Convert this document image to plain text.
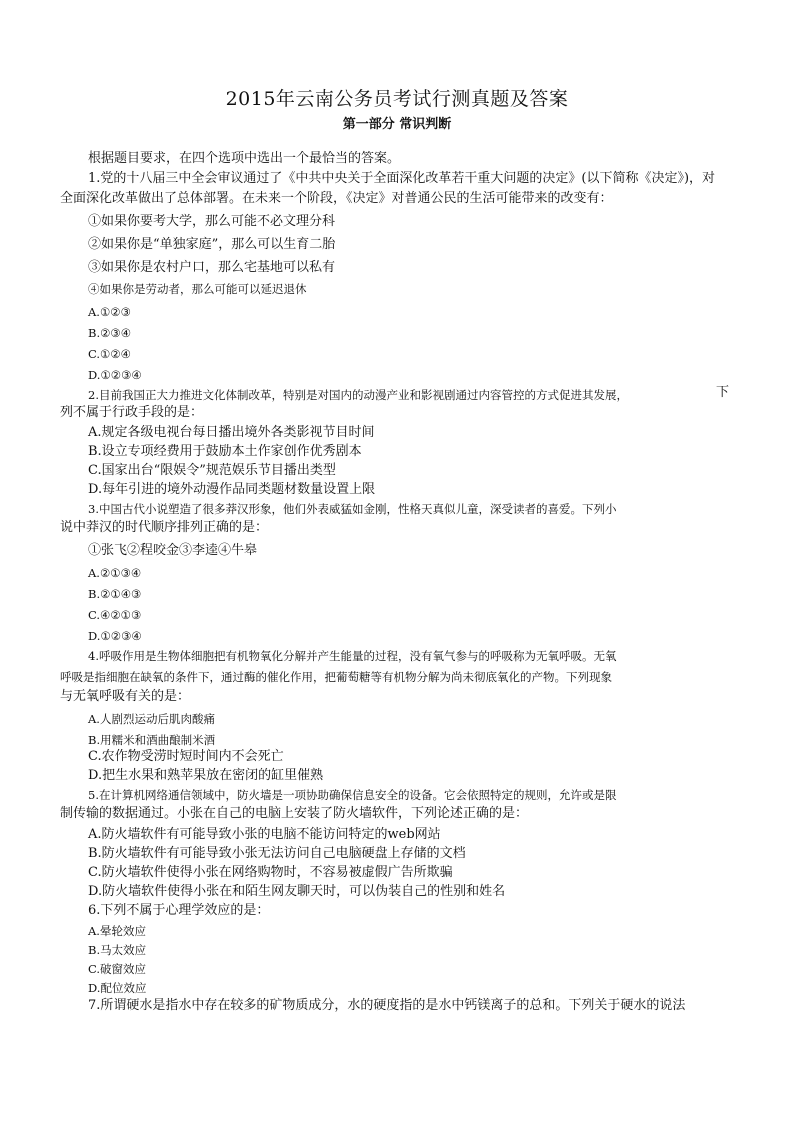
2015年云南公务员考试行测真题及答案
第一部分 常识判断
根据题目要求，在四个选项中选出一个最恰当的答案。
1.党的十八届三中全会审议通过了《中共中央关于全面深化改革若干重大问题的决定》(以下简称《决定》)，对
全面深化改革做出了总体部署。在未来一个阶段，《决定》对普通公民的生活可能带来的改变有：
①如果你要考大学，那么可能不必文理分科
②如果你是“单独家庭”，那么可以生育二胎
③如果你是农村户口，那么宅基地可以私有
④如果你是劳动者，那么可能可以延迟退休
A.①②③
B.②③④
C.①②④
D.①②③④
2.目前我国正大力推进文化体制改革，特别是对国内的动漫产业和影视剧通过内容管控的方式促进其发展，	下
列不属于行政手段的是：
A.规定各级电视台每日播出境外各类影视节目时间
B.设立专项经费用于鼓励本土作家创作优秀剧本
C.国家出台“限娱令”规范娱乐节目播出类型
D.每年引进的境外动漫作品同类题材数量设置上限
3.中国古代小说塑造了很多莽汉形象，他们外表威猛如金刚，性格天真似儿童，深受读者的喜爱。下列小
说中莽汉的时代顺序排列正确的是：
①张飞②程咬金③李逵④牛皋
A.②①③④
B.②①④③
C.④②①③
D.①②③④
4.呼吸作用是生物体细胞把有机物氧化分解并产生能量的过程，没有氧气参与的呼吸称为无氧呼吸。无氧
呼吸是指细胞在缺氧的条件下，通过酶的催化作用，把葡萄糖等有机物分解为尚未彻底氧化的产物。下列现象
与无氧呼吸有关的是：
A.人剧烈运动后肌肉酸痛
B.用糯米和酒曲酿制米酒
C.农作物受涝时短时间内不会死亡
D.把生水果和熟苹果放在密闭的缸里催熟
5.在计算机网络通信领域中，防火墙是一项协助确保信息安全的设备。它会依照特定的规则，允许或是限
制传输的数据通过。小张在自己的电脑上安装了防火墙软件，下列论述正确的是：
A.防火墙软件有可能导致小张的电脑不能访问特定的web网站
B.防火墙软件有可能导致小张无法访问自己电脑硬盘上存储的文档
C.防火墙软件使得小张在网络购物时，不容易被虚假广告所欺骗
D.防火墙软件使得小张在和陌生网友聊天时，可以伪装自己的性别和姓名
6.下列不属于心理学效应的是：
A.晕轮效应
B.马太效应
C.破窗效应
D.配位效应
7.所谓硬水是指水中存在较多的矿物质成分，水的硬度指的是水中钙镁离子的总和。下列关于硬水的说法
